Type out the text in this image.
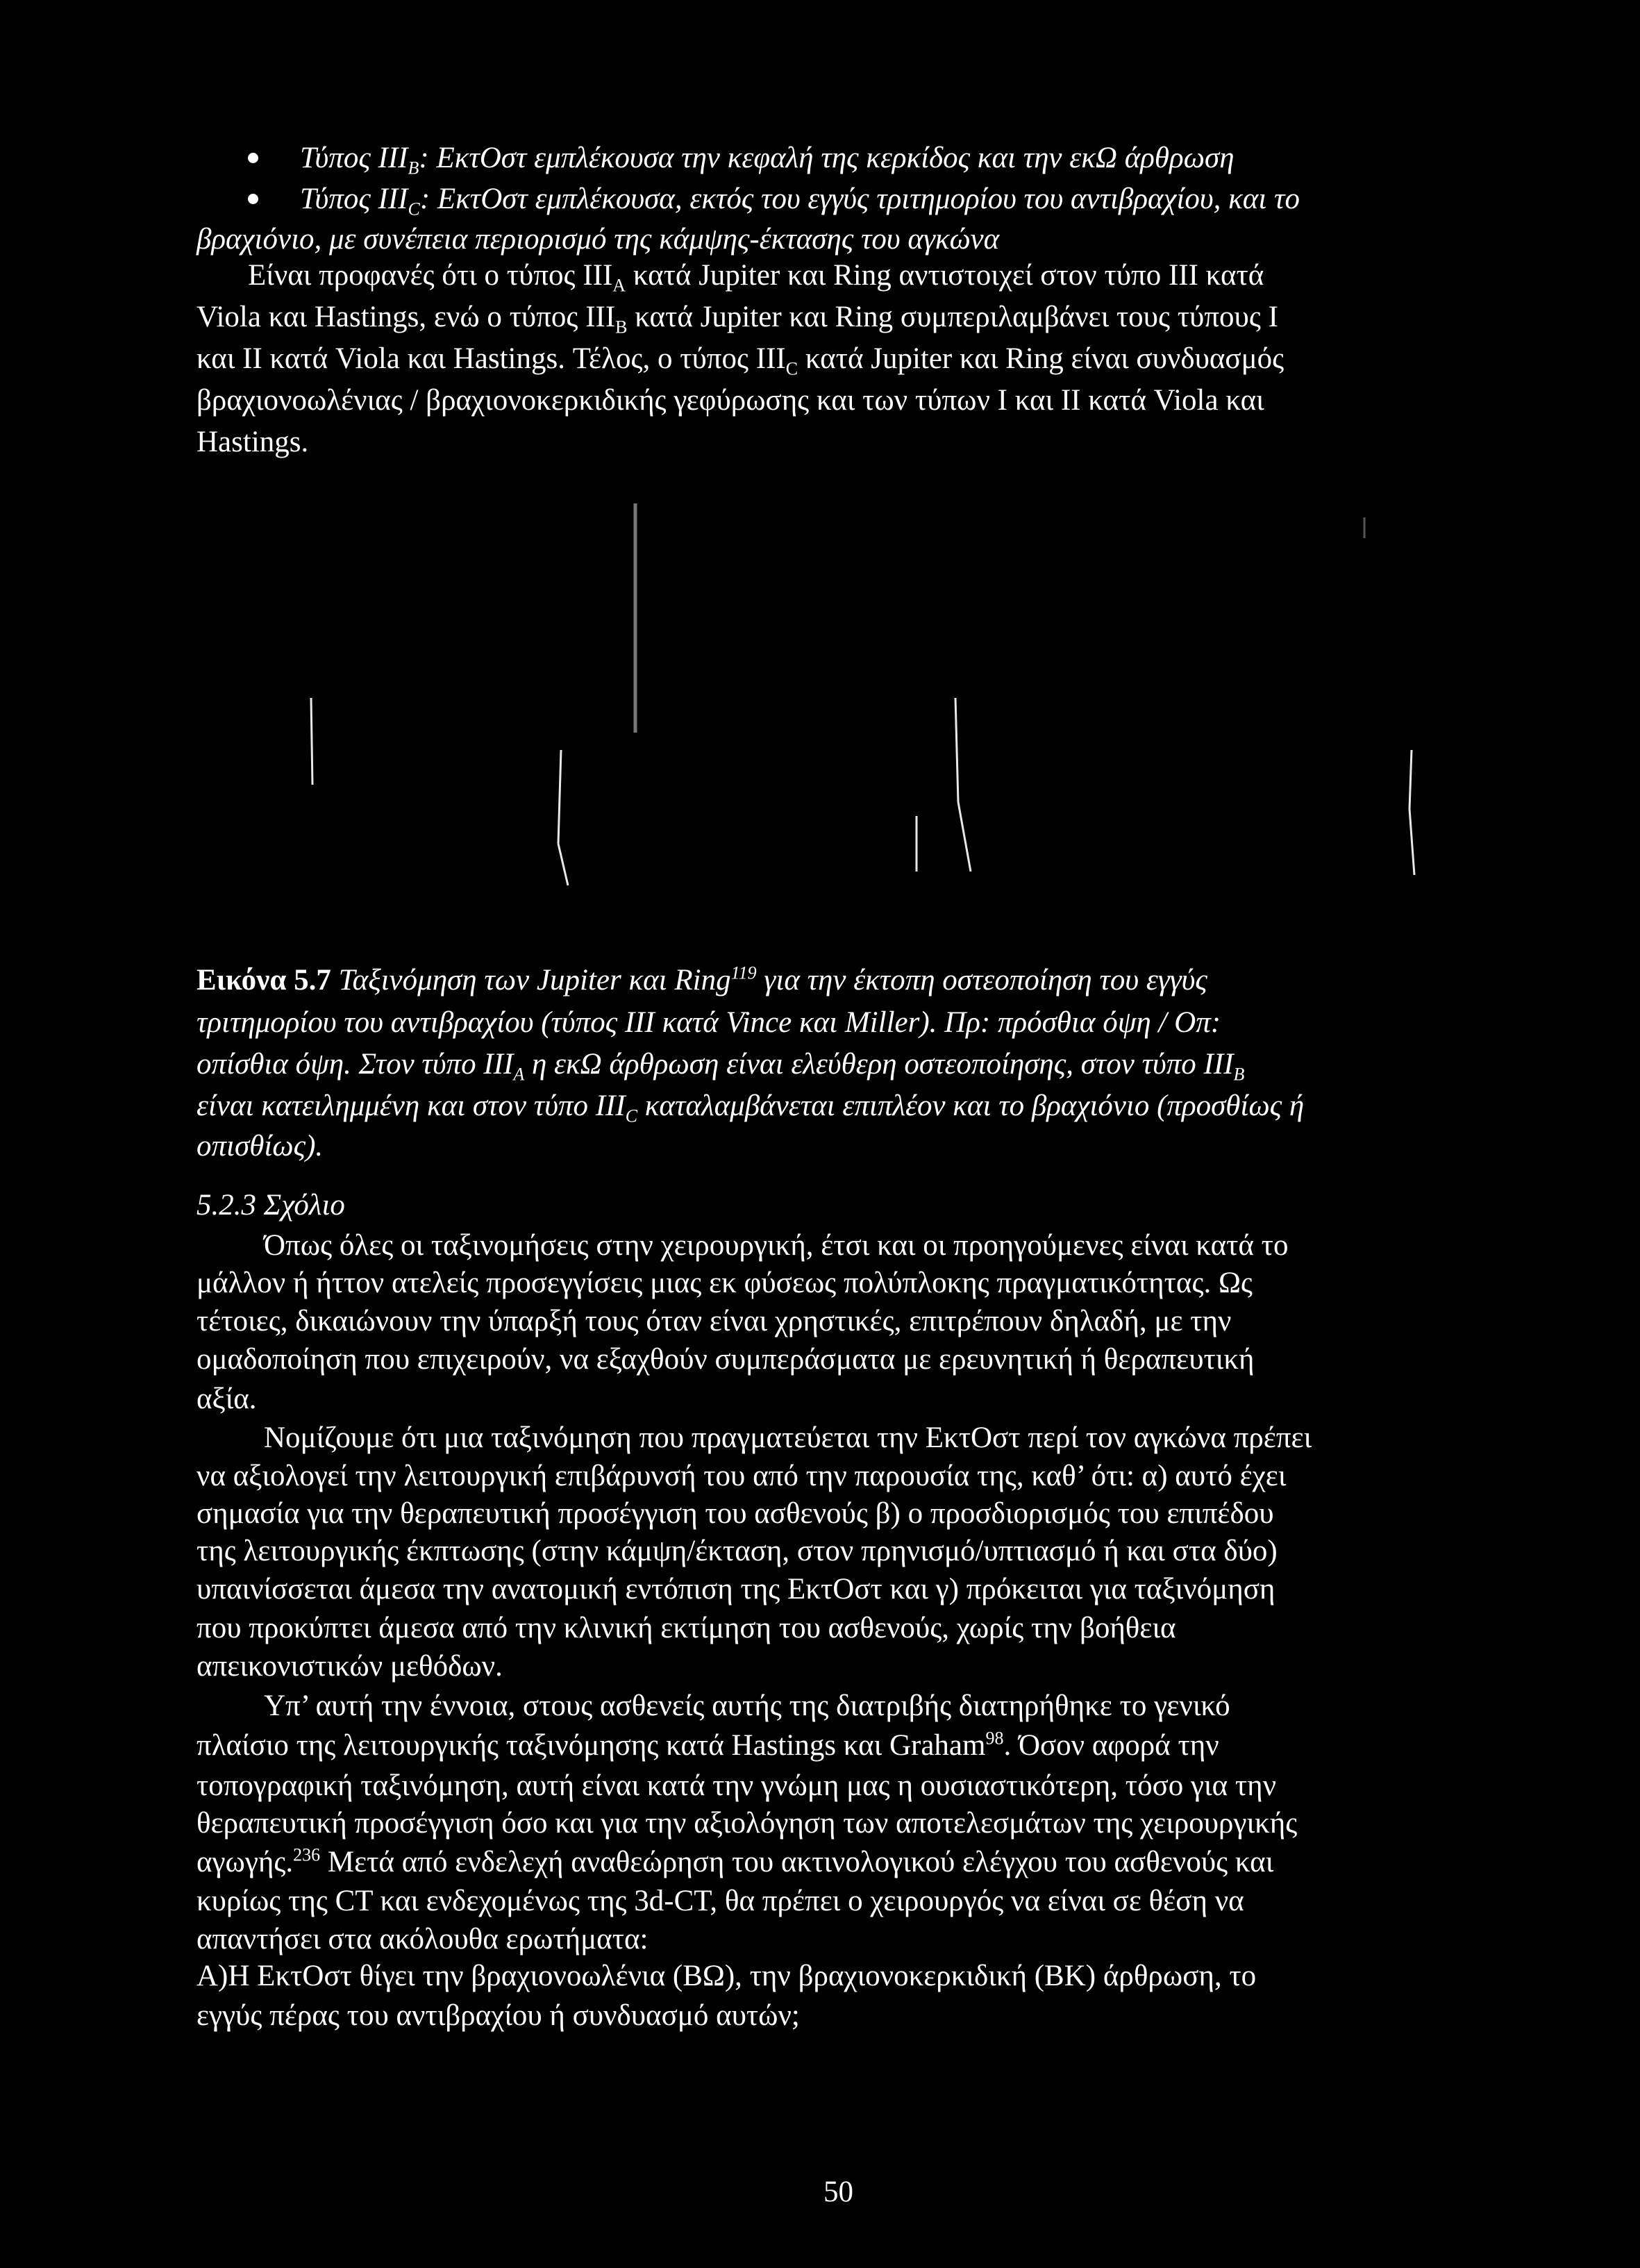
Τύπος $III_B$: ΕκτΟστ εμπλέκουσα την κεφαλή της κερκίδος και την εκΩ άρθρωση
Τύπος $III_C$: ΕκτΟστ εμπλέκουσα, εκτός του εγγύς τριτημορίου του αντιβραχίου, και το
βραχιόνιο, με συνέπεια περιορισμό της κάμψης-έκτασης του αγκώνα
Είναι προφανές ότι ο τύπος $III_A$ κατά Jupiter και Ring αντιστοιχεί στον τύπο III κατά
Viola και Hastings, ενώ ο τύπος $III_B$ κατά Jupiter και Ring συμπεριλαμβάνει τους τύπους I
και II κατά Viola και Hastings. Τέλος, ο τύπος $III_C$ κατά Jupiter και Ring είναι συνδυασμός
βραχιονοωλένιας / βραχιονοκερκιδικής γεφύρωσης και των τύπων I και II κατά Viola και
Hastings.
Εικόνα 5.7 Ταξινόμηση των Jupiter και Ring$^{119}$ για την έκτοπη οστεοποίηση του εγγύς
τριτημορίου του αντιβραχίου (τύπος III κατά Vince και Miller). Πρ: πρόσθια όψη / Οπ:
οπίσθια όψη. Στον τύπο $III_A$ η εκΩ άρθρωση είναι ελεύθερη οστεοποίησης, στον τύπο $III_B$
είναι κατειλημμένη και στον τύπο $III_C$ καταλαμβάνεται επιπλέον και το βραχιόνιο (προσθίως ή
οπισθίως).
5.2.3 Σχόλιο
Όπως όλες οι ταξινομήσεις στην χειρουργική, έτσι και οι προηγούμενες είναι κατά το
μάλλον ή ήττον ατελείς προσεγγίσεις μιας εκ φύσεως πολύπλοκης πραγματικότητας. Ως
τέτοιες, δικαιώνουν την ύπαρξή τους όταν είναι χρηστικές, επιτρέπουν δηλαδή, με την
ομαδοποίηση που επιχειρούν, να εξαχθούν συμπεράσματα με ερευνητική ή θεραπευτική
αξία.
Νομίζουμε ότι μια ταξινόμηση που πραγματεύεται την ΕκτΟστ περί τον αγκώνα πρέπει
να αξιολογεί την λειτουργική επιβάρυνσή του από την παρουσία της, καθ’ ότι: α) αυτό έχει
σημασία για την θεραπευτική προσέγγιση του ασθενούς β) ο προσδιορισμός του επιπέδου
της λειτουργικής έκπτωσης (στην κάμψη/έκταση, στον πρηνισμό/υπτιασμό ή και στα δύο)
υπαινίσσεται άμεσα την ανατομική εντόπιση της ΕκτΟστ και γ) πρόκειται για ταξινόμηση
που προκύπτει άμεσα από την κλινική εκτίμηση του ασθενούς, χωρίς την βοήθεια
απεικονιστικών μεθόδων.
Υπ’ αυτή την έννοια, στους ασθενείς αυτής της διατριβής διατηρήθηκε το γενικό
πλαίσιο της λειτουργικής ταξινόμησης κατά Hastings και Graham$^{98}$. Όσον αφορά την
τοπογραφική ταξινόμηση, αυτή είναι κατά την γνώμη μας η ουσιαστικότερη, τόσο για την
θεραπευτική προσέγγιση όσο και για την αξιολόγηση των αποτελεσμάτων της χειρουργικής
αγωγής.$^{236}$ Μετά από ενδελεχή αναθεώρηση του ακτινολογικού ελέγχου του ασθενούς και
κυρίως της CT και ενδεχομένως της 3d-CT, θα πρέπει ο χειρουργός να είναι σε θέση να
απαντήσει στα ακόλουθα ερωτήματα:
Α)Η ΕκτΟστ θίγει την βραχιονοωλένια (ΒΩ), την βραχιονοκερκιδική (ΒΚ) άρθρωση, το
εγγύς πέρας του αντιβραχίου ή συνδυασμό αυτών;
50
